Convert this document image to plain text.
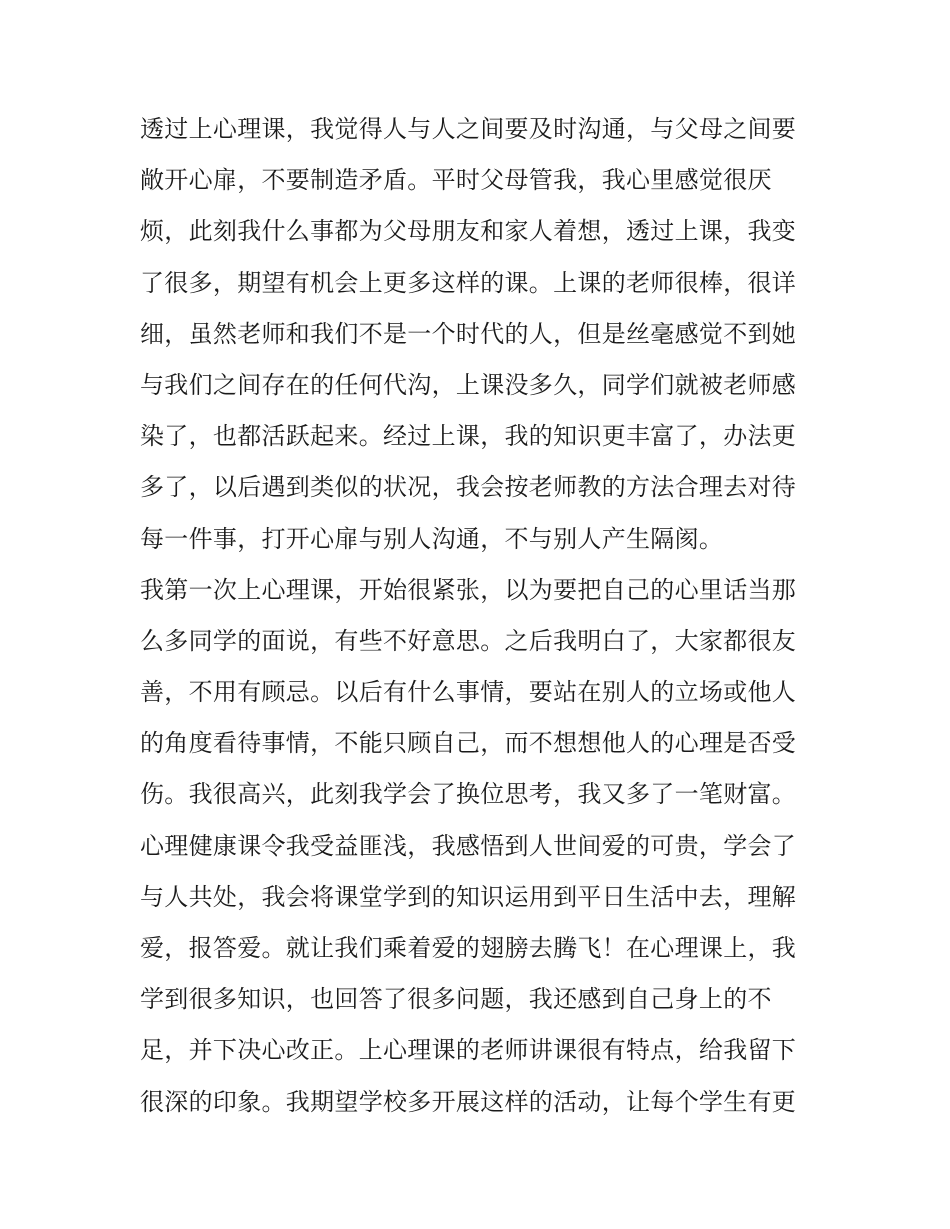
透过上心理课，我觉得人与人之间要及时沟通，与父母之间要
敞开心扉，不要制造矛盾。平时父母管我，我心里感觉很厌
烦，此刻我什么事都为父母朋友和家人着想，透过上课，我变
了很多，期望有机会上更多这样的课。上课的老师很棒，很详
细，虽然老师和我们不是一个时代的人，但是丝毫感觉不到她
与我们之间存在的任何代沟，上课没多久，同学们就被老师感
染了，也都活跃起来。经过上课，我的知识更丰富了，办法更
多了，以后遇到类似的状况，我会按老师教的方法合理去对待
每一件事，打开心扉与别人沟通，不与别人产生隔阂。
我第一次上心理课，开始很紧张，以为要把自己的心里话当那
么多同学的面说，有些不好意思。之后我明白了，大家都很友
善，不用有顾忌。以后有什么事情，要站在别人的立场或他人
的角度看待事情，不能只顾自己，而不想想他人的心理是否受
伤。我很高兴，此刻我学会了换位思考，我又多了一笔财富。
心理健康课令我受益匪浅，我感悟到人世间爱的可贵，学会了
与人共处，我会将课堂学到的知识运用到平日生活中去，理解
爱，报答爱。就让我们乘着爱的翅膀去腾飞！在心理课上，我
学到很多知识，也回答了很多问题，我还感到自己身上的不
足，并下决心改正。上心理课的老师讲课很有特点，给我留下
很深的印象。我期望学校多开展这样的活动，让每个学生有更
